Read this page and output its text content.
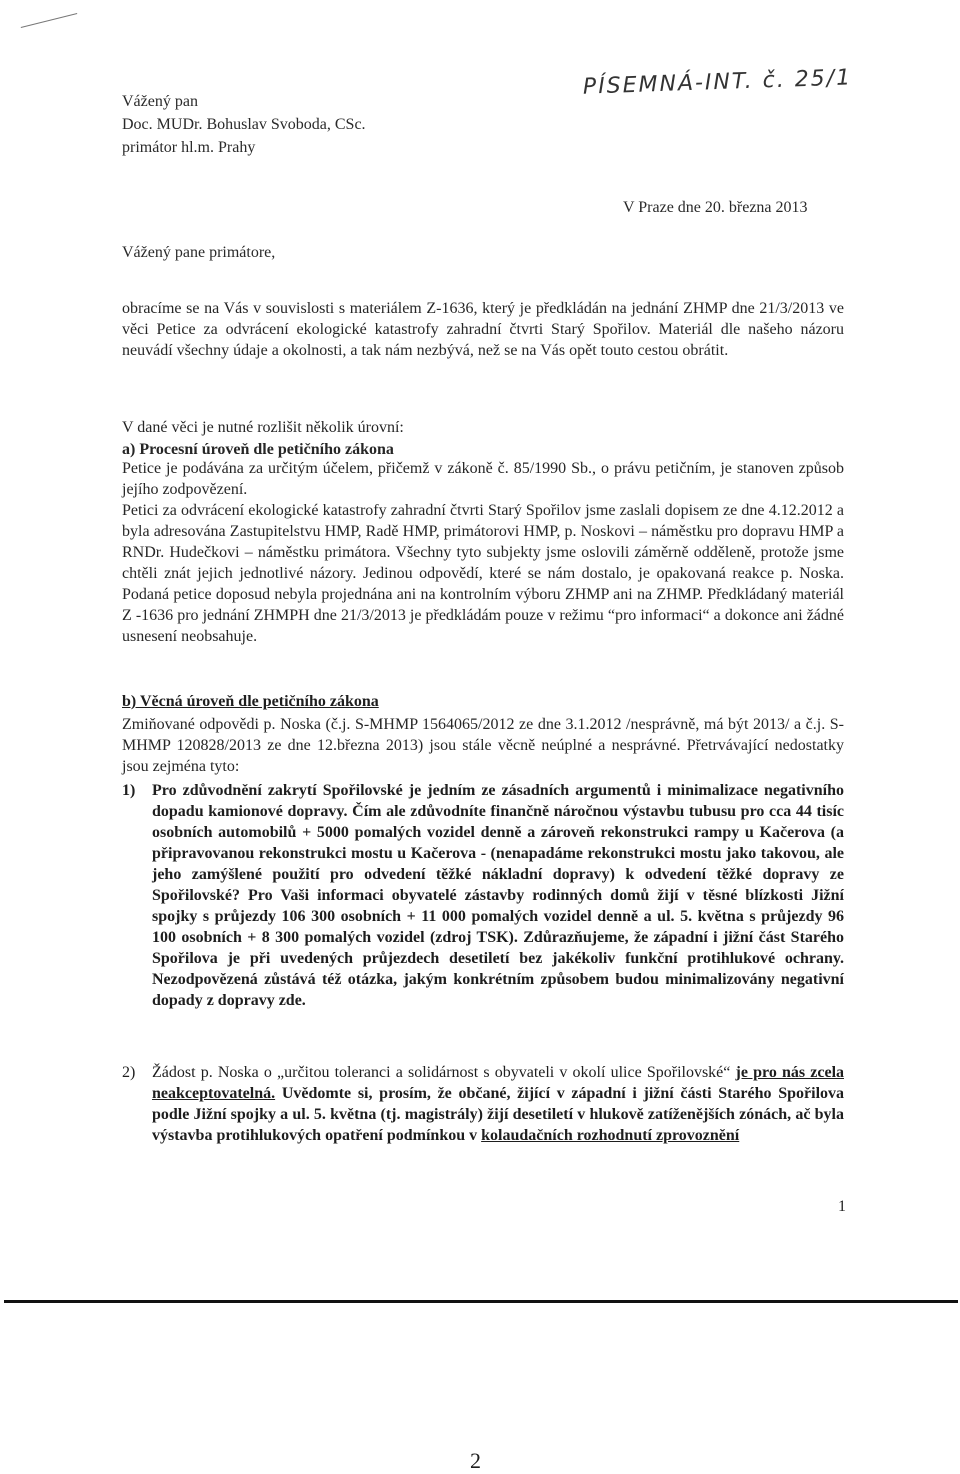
Vážený pan
Doc. MUDr. Bohuslav Svoboda, CSc.
primátor hl.m. Prahy
PÍSEMNÁ-INT. č. 25/1
V Praze dne 20. března 2013
Vážený pane primátore,
obracíme se na Vás v souvislosti s materiálem Z-1636, který je předkládán na jednání ZHMP dne 21/3/2013 ve věci Petice za odvrácení ekologické katastrofy zahradní čtvrti Starý Spořilov. Materiál dle našeho názoru neuvádí všechny údaje a okolnosti, a tak nám nezbývá, než se na Vás opět touto cestou obrátit.
V dané věci je nutné rozlišit několik úrovní:
a) Procesní úroveň dle petičního zákona
Petice je podávána za určitým účelem, přičemž v zákoně č. 85/1990 Sb., o právu petičním, je stanoven způsob jejího zodpovězení.
Petici za odvrácení ekologické katastrofy zahradní čtvrti Starý Spořilov jsme zaslali dopisem ze dne 4.12.2012 a byla adresována Zastupitelstvu HMP, Radě HMP, primátorovi HMP, p. Noskovi – náměstku pro dopravu HMP a RNDr. Hudečkovi – náměstku primátora. Všechny tyto subjekty jsme oslovili záměrně odděleně, protože jsme chtěli znát jejich jednotlivé názory. Jedinou odpovědí, které se nám dostalo, je opakovaná reakce p. Noska. Podaná petice doposud nebyla projednána ani na kontrolním výboru ZHMP ani na ZHMP. Předkládaný materiál Z -1636 pro jednání ZHMPH dne 21/3/2013 je předkládám pouze v režimu “pro informaci“ a dokonce ani žádné usnesení neobsahuje.
b) Věcná úroveň dle petičního zákona
Zmiňované odpovědi p. Noska (č.j. S-MHMP 1564065/2012 ze dne 3.1.2012 /nesprávně, má být 2013/ a č.j. S-MHMP 120828/2013 ze dne 12.března 2013) jsou stále věcně neúplné a nesprávné. Přetrvávající nedostatky jsou zejména tyto:
1) Pro zdůvodnění zakrytí Spořilovské je jedním ze zásadních argumentů i minimalizace negativního dopadu kamionové dopravy. Čím ale zdůvodníte finančně náročnou výstavbu tubusu pro cca 44 tisíc osobních automobilů + 5000 pomalých vozidel denně a zároveň rekonstrukci rampy u Kačerova (a připravovanou rekonstrukci mostu u Kačerova - (nenapadáme rekonstrukci mostu jako takovou, ale jeho zamýšlené použití pro odvedení těžké nákladní dopravy) k odvedení těžké dopravy ze Spořilovské? Pro Vaši informaci obyvatelé zástavby rodinných domů žijí v těsné blízkosti Jižní spojky s průjezdy 106 300 osobních + 11 000 pomalých vozidel denně a ul. 5. května s průjezdy 96 100 osobních + 8 300 pomalých vozidel (zdroj TSK). Zdůrazňujeme, že západní i jižní část Starého Spořilova je při uvedených průjezdech desetiletí bez jakékoliv funkční protihlukové ochrany. Nezodpovězená zůstává též otázka, jakým konkrétním způsobem budou minimalizovány negativní dopady z dopravy zde.
2) Žádost p. Noska o „určitou toleranci a solidárnost s obyvateli v okolí ulice Spořilovské“ je pro nás zcela neakceptovatelná. Uvědomte si, prosím, že občané, žijící v západní i jižní části Starého Spořilova podle Jižní spojky a ul. 5. května (tj. magistrály) žijí desetiletí v hlukově zatíženějších zónách, ač byla výstavba protihlukových opatření podmínkou v kolaudačních rozhodnutí zprovoznění
1
2
